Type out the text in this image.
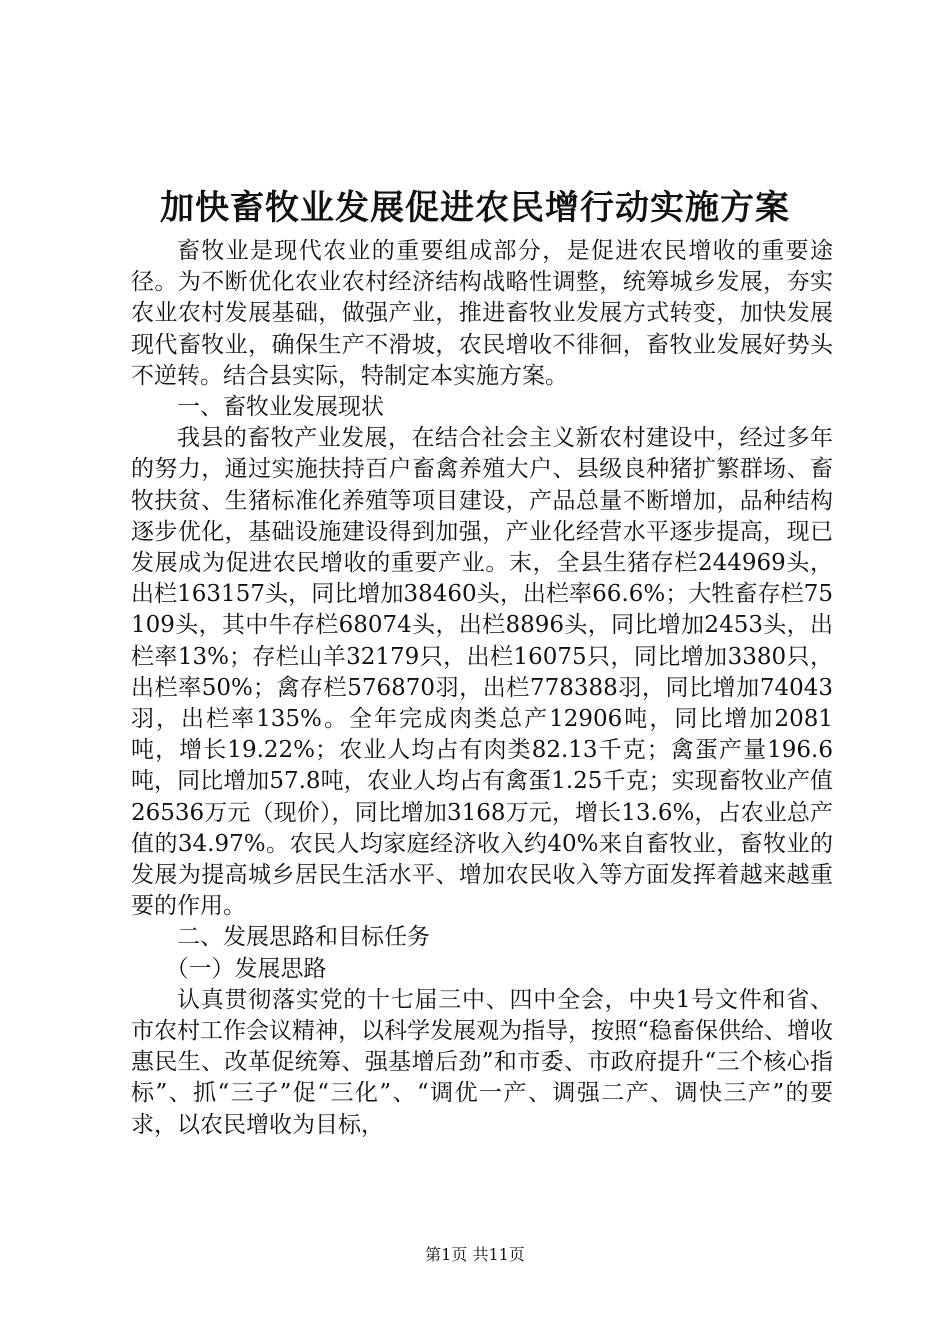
加快畜牧业发展促进农民增行动实施方案

畜牧业是现代农业的重要组成部分，是促进农民增收的重要途径。为不断优化农业农村经济结构战略性调整，统筹城乡发展，夯实农业农村发展基础，做强产业，推进畜牧业发展方式转变，加快发展现代畜牧业，确保生产不滑坡，农民增收不徘徊，畜牧业发展好势头不逆转。结合县实际，特制定本实施方案。

一、畜牧业发展现状

我县的畜牧产业发展，在结合社会主义新农村建设中，经过多年的努力，通过实施扶持百户畜禽养殖大户、县级良种猪扩繁群场、畜牧扶贫、生猪标准化养殖等项目建设，产品总量不断增加，品种结构逐步优化，基础设施建设得到加强，产业化经营水平逐步提高，现已发展成为促进农民增收的重要产业。末，全县生猪存栏244969头，出栏163157头，同比增加38460头，出栏率66.6%；大牲畜存栏75109头，其中牛存栏68074头，出栏8896头，同比增加2453头，出栏率13%；存栏山羊32179只，出栏16075只，同比增加3380只，出栏率50%；禽存栏576870羽，出栏778388羽，同比增加74043羽，出栏率135%。全年完成肉类总产12906吨，同比增加2081吨，增长19.22%；农业人均占有肉类82.13千克；禽蛋产量196.6吨，同比增加57.8吨，农业人均占有禽蛋1.25千克；实现畜牧业产值26536万元（现价），同比增加3168万元，增长13.6%，占农业总产值的34.97%。农民人均家庭经济收入约40%来自畜牧业，畜牧业的发展为提高城乡居民生活水平、增加农民收入等方面发挥着越来越重要的作用。

二、发展思路和目标任务

（一）发展思路

认真贯彻落实党的十七届三中、四中全会，中央1号文件和省、市农村工作会议精神，以科学发展观为指导，按照“稳畜保供给、增收惠民生、改革促统筹、强基增后劲”和市委、市政府提升“三个核心指标”、抓“三子”促“三化”、“调优一产、调强二产、调快三产”的要求，以农民增收为目标，

第1页 共11页
